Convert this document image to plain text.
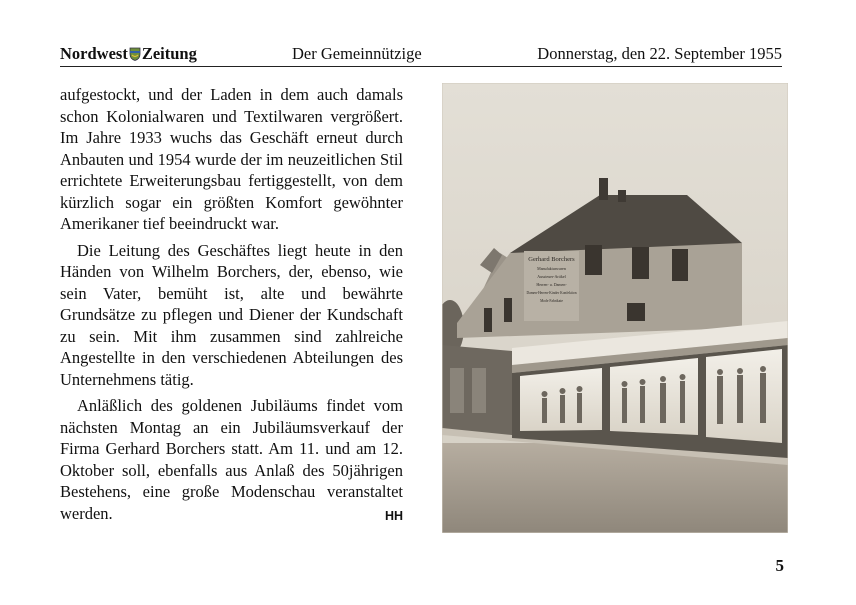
Nordwest Zeitung	Der Gemeinnützige	Donnerstag, den 22. September 1955

aufgestockt, und der Laden in dem auch damals schon Kolonialwaren und Textilwaren vergrößert. Im Jahre 1933 wuchs das Geschäft erneut durch Anbauten und 1954 wurde der im neuzeitlichen Stil errichtete Erweiterungsbau fertiggestellt, von dem kürzlich sogar ein größten Komfort gewöhnter Amerikaner tief beeindruckt war.

Die Leitung des Geschäftes liegt heute in den Händen von Wilhelm Borchers, der, ebenso, wie sein Vater, bemüht ist, alte und bewährte Grundsätze zu pflegen und Diener der Kundschaft zu sein. Mit ihm zusammen sind zahlreiche Angestellte in den verschiedenen Abteilungen des Unternehmens tätig.

Anläßlich des goldenen Jubiläums findet vom nächsten Montag an ein Jubiläumsverkauf der Firma Gerhard Borchers statt. Am 11. und am 12. Oktober soll, ebenfalls aus Anlaß des 50jährigen Bestehens, eine große Modenschau veranstaltet werden.	HH

Gerhard Borchers
Manufakturwaren
Aussteuer-Artikel
Herren- u. Damen-
Damen-Herren-Kinder Konfektion
Mode Fabrikate
5
